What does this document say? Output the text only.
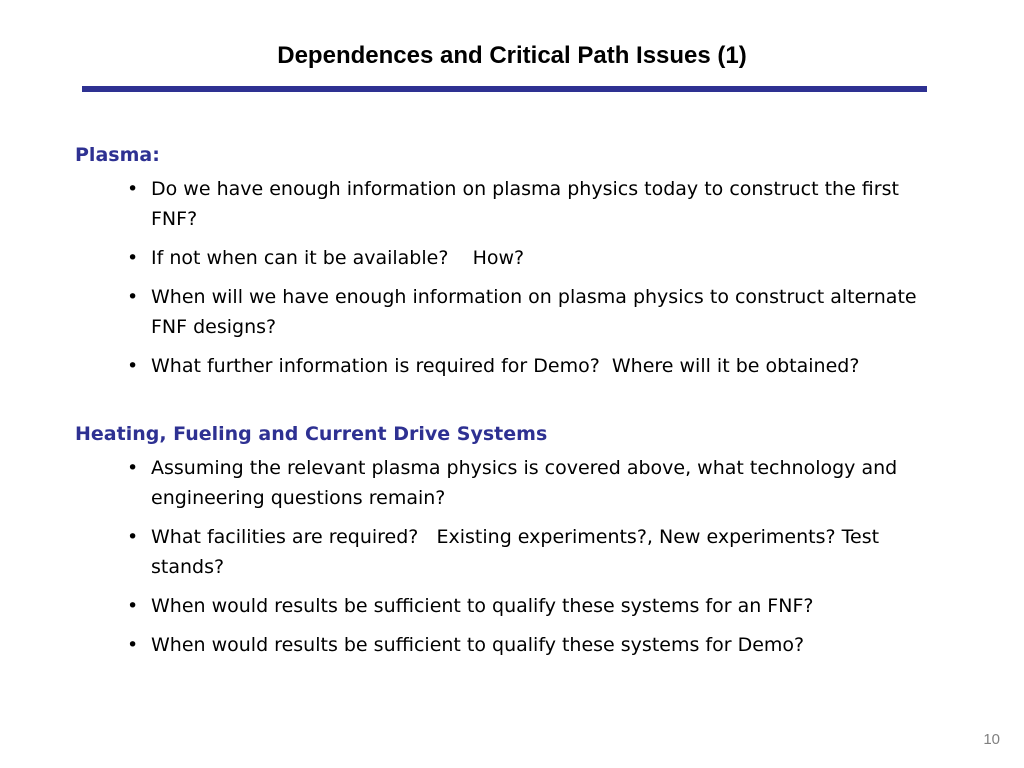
Dependences and Critical Path Issues (1)

Plasma:

• Do we have enough information on plasma physics today to construct the first FNF?
• If not when can it be available?    How?
• When will we have enough information on plasma physics to construct alternate FNF designs?
• What further information is required for Demo?  Where will it be obtained?

Heating, Fueling and Current Drive Systems

• Assuming the relevant plasma physics is covered above, what technology and engineering questions remain?
• What facilities are required?   Existing experiments?, New experiments? Test stands?
• When would results be sufficient to qualify these systems for an FNF?
• When would results be sufficient to qualify these systems for Demo?
10
